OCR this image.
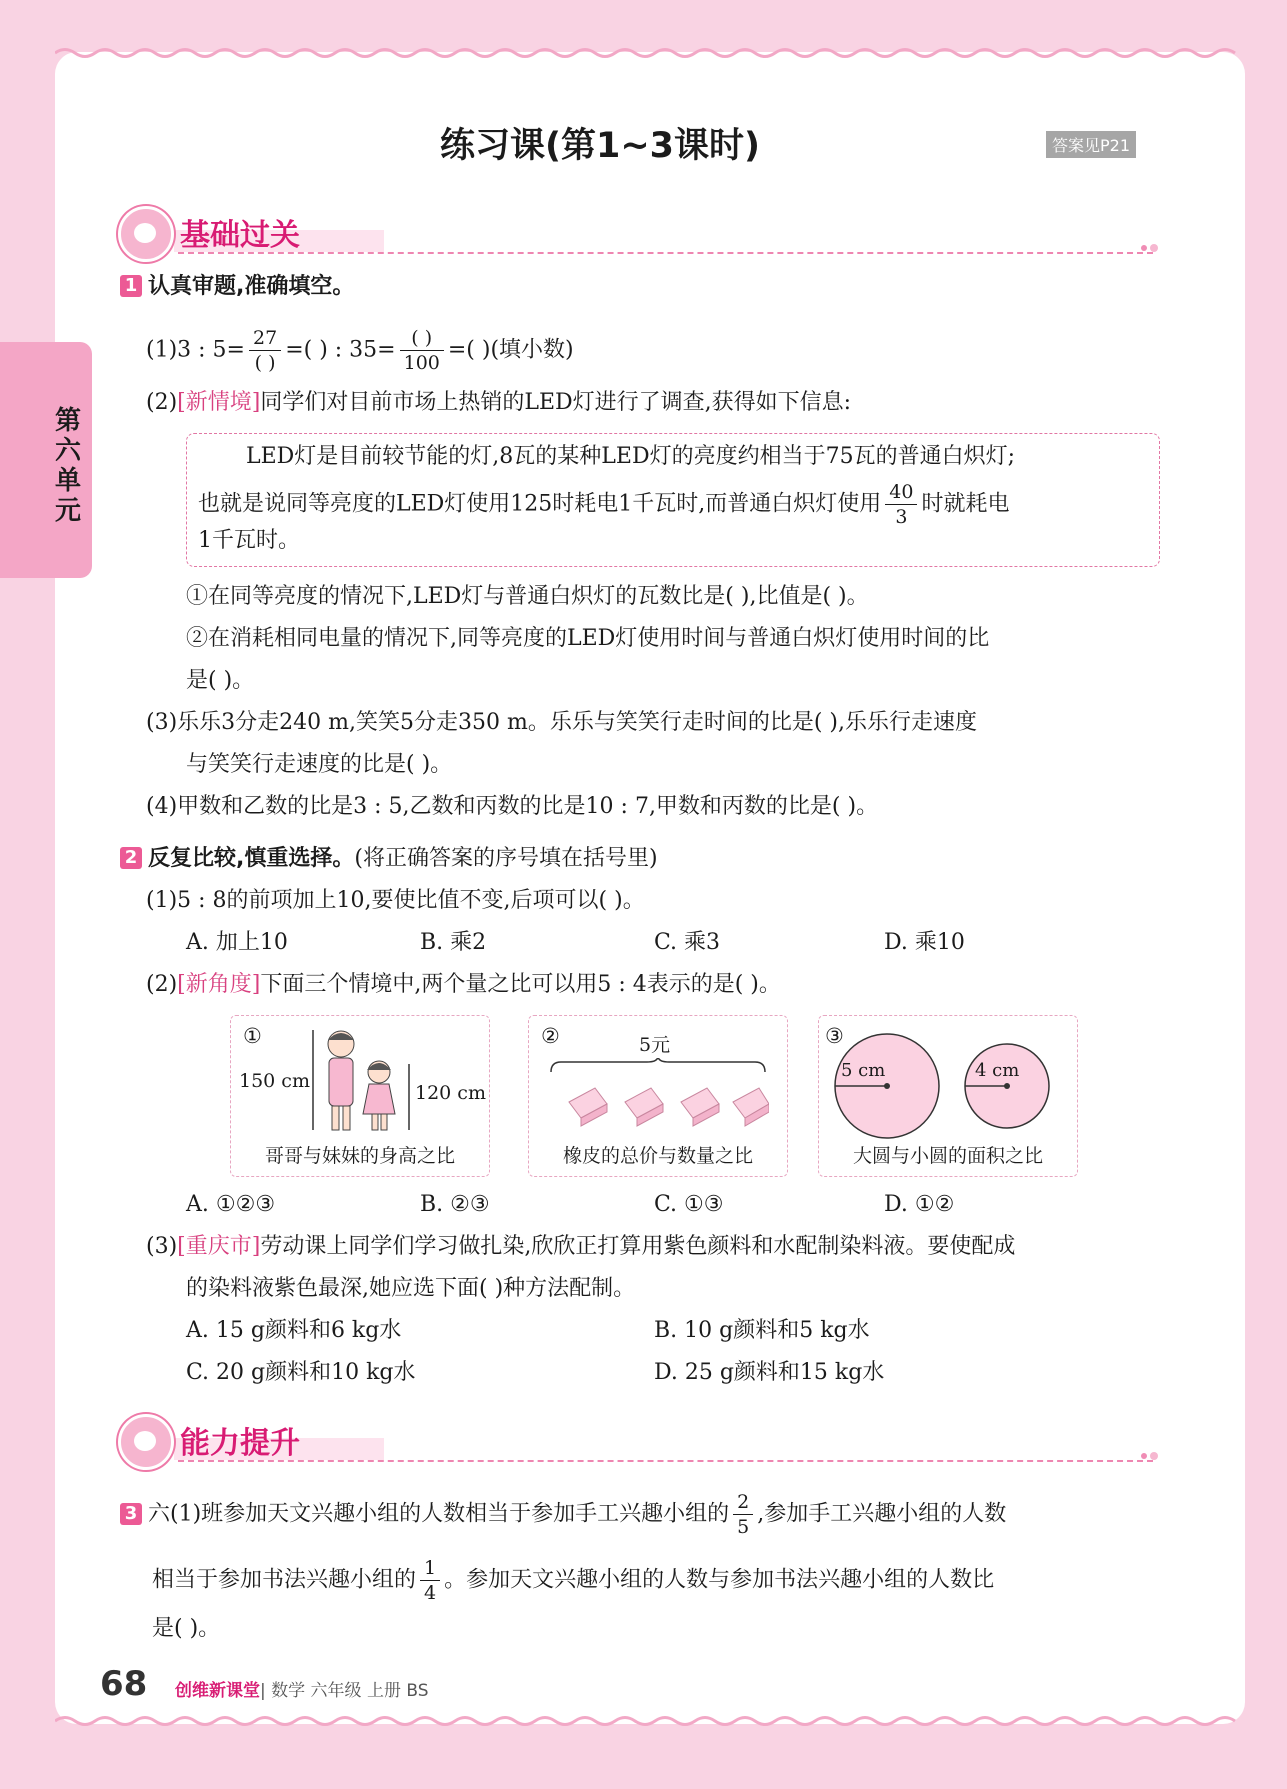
第六单元
练习课(第1~3课时)	答案见P21
基础过关
1 认真审题,准确填空。
(1)3 : $5= \frac{27}{( )}$ =( ) : $35= \frac{( )}{100}$ =( )(填小数)
(2)[新情境]同学们对目前市场上热销的LED灯进行了调查,获得如下信息:
LED灯是目前较节能的灯,8瓦的某种LED灯的亮度约相当于75瓦的普通白炽灯;
也就是说同等亮度的LED灯使用125时耗电1千瓦时,而普通白炽灯使用 $\frac{40}{3}$ 时就耗电
1千瓦时。
①在同等亮度的情况下,LED灯与普通白炽灯的瓦数比是( ),比值是( )。
②在消耗相同电量的情况下,同等亮度的LED灯使用时间与普通白炽灯使用时间的比
是( )。
(3)乐乐3分走240 m,笑笑5分走350 m。乐乐与笑笑行走时间的比是( ),乐乐行走速度
与笑笑行走速度的比是( )。
(4)甲数和乙数的比是3 : 5,乙数和丙数的比是10 : 7,甲数和丙数的比是( )。
2 反复比较,慎重选择。(将正确答案的序号填在括号里)
(1)5 : 8的前项加上10,要使比值不变,后项可以( )。
A. 加上10	B. 乘2	C. 乘3	D. 乘10
(2)[新角度]下面三个情境中,两个量之比可以用5 : 4表示的是( )。
①
150 cm
120 cm
哥哥与妹妹的身高之比
②	5元
橡皮的总价与数量之比
③
5 cm	4 cm
大圆与小圆的面积之比
A. ①②③	B. ②③	C. ①③	D. ①②
(3)[重庆市]劳动课上同学们学习做扎染,欣欣正打算用紫色颜料和水配制染料液。要使配成
的染料液紫色最深,她应选下面( )种方法配制。
A. 15 g颜料和6 kg水	B. 10 g颜料和5 kg水
C. 20 g颜料和10 kg水	D. 25 g颜料和15 kg水
能力提升
3 六(1)班参加天文兴趣小组的人数相当于参加手工兴趣小组的 $\frac{2}{5}$ ,参加手工兴趣小组的人数
相当于参加书法兴趣小组的 $\frac{1}{4}$ 。参加天文兴趣小组的人数与参加书法兴趣小组的人数比
是( )。
68 创维新课堂| 数学 六年级 上册 BS
